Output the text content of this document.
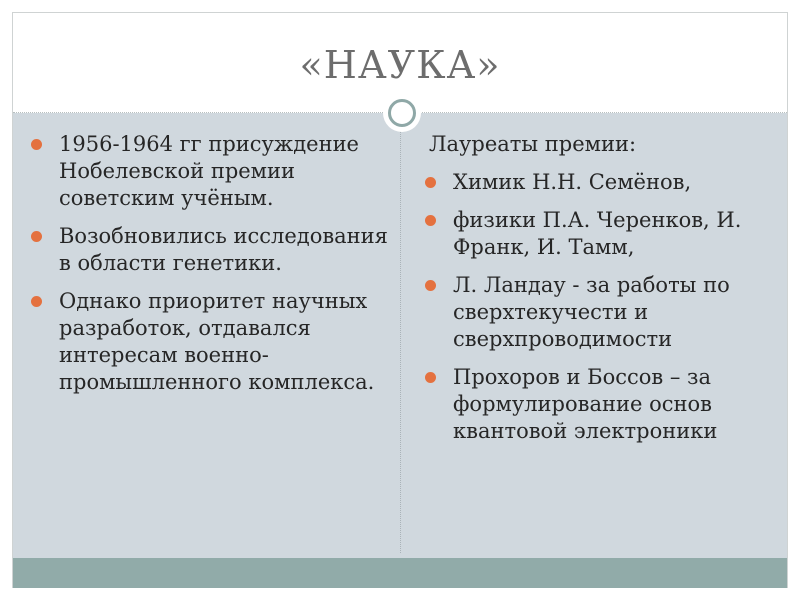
«НАУКА»
1956-1964 гг присуждение Нобелевской премии советским учёным.
Возобновились исследования в области генетики.
Однако приоритет научных разработок, отдавался интересам военно-промышленного комплекса.
Лауреаты премии:
Химик Н.Н. Семёнов,
физики П.А. Черенков, И. Франк, И. Тамм,
Л. Ландау - за работы по сверхтекучести и сверхпроводимости
Прохоров и Боссов – за формулирование основ квантовой электроники
